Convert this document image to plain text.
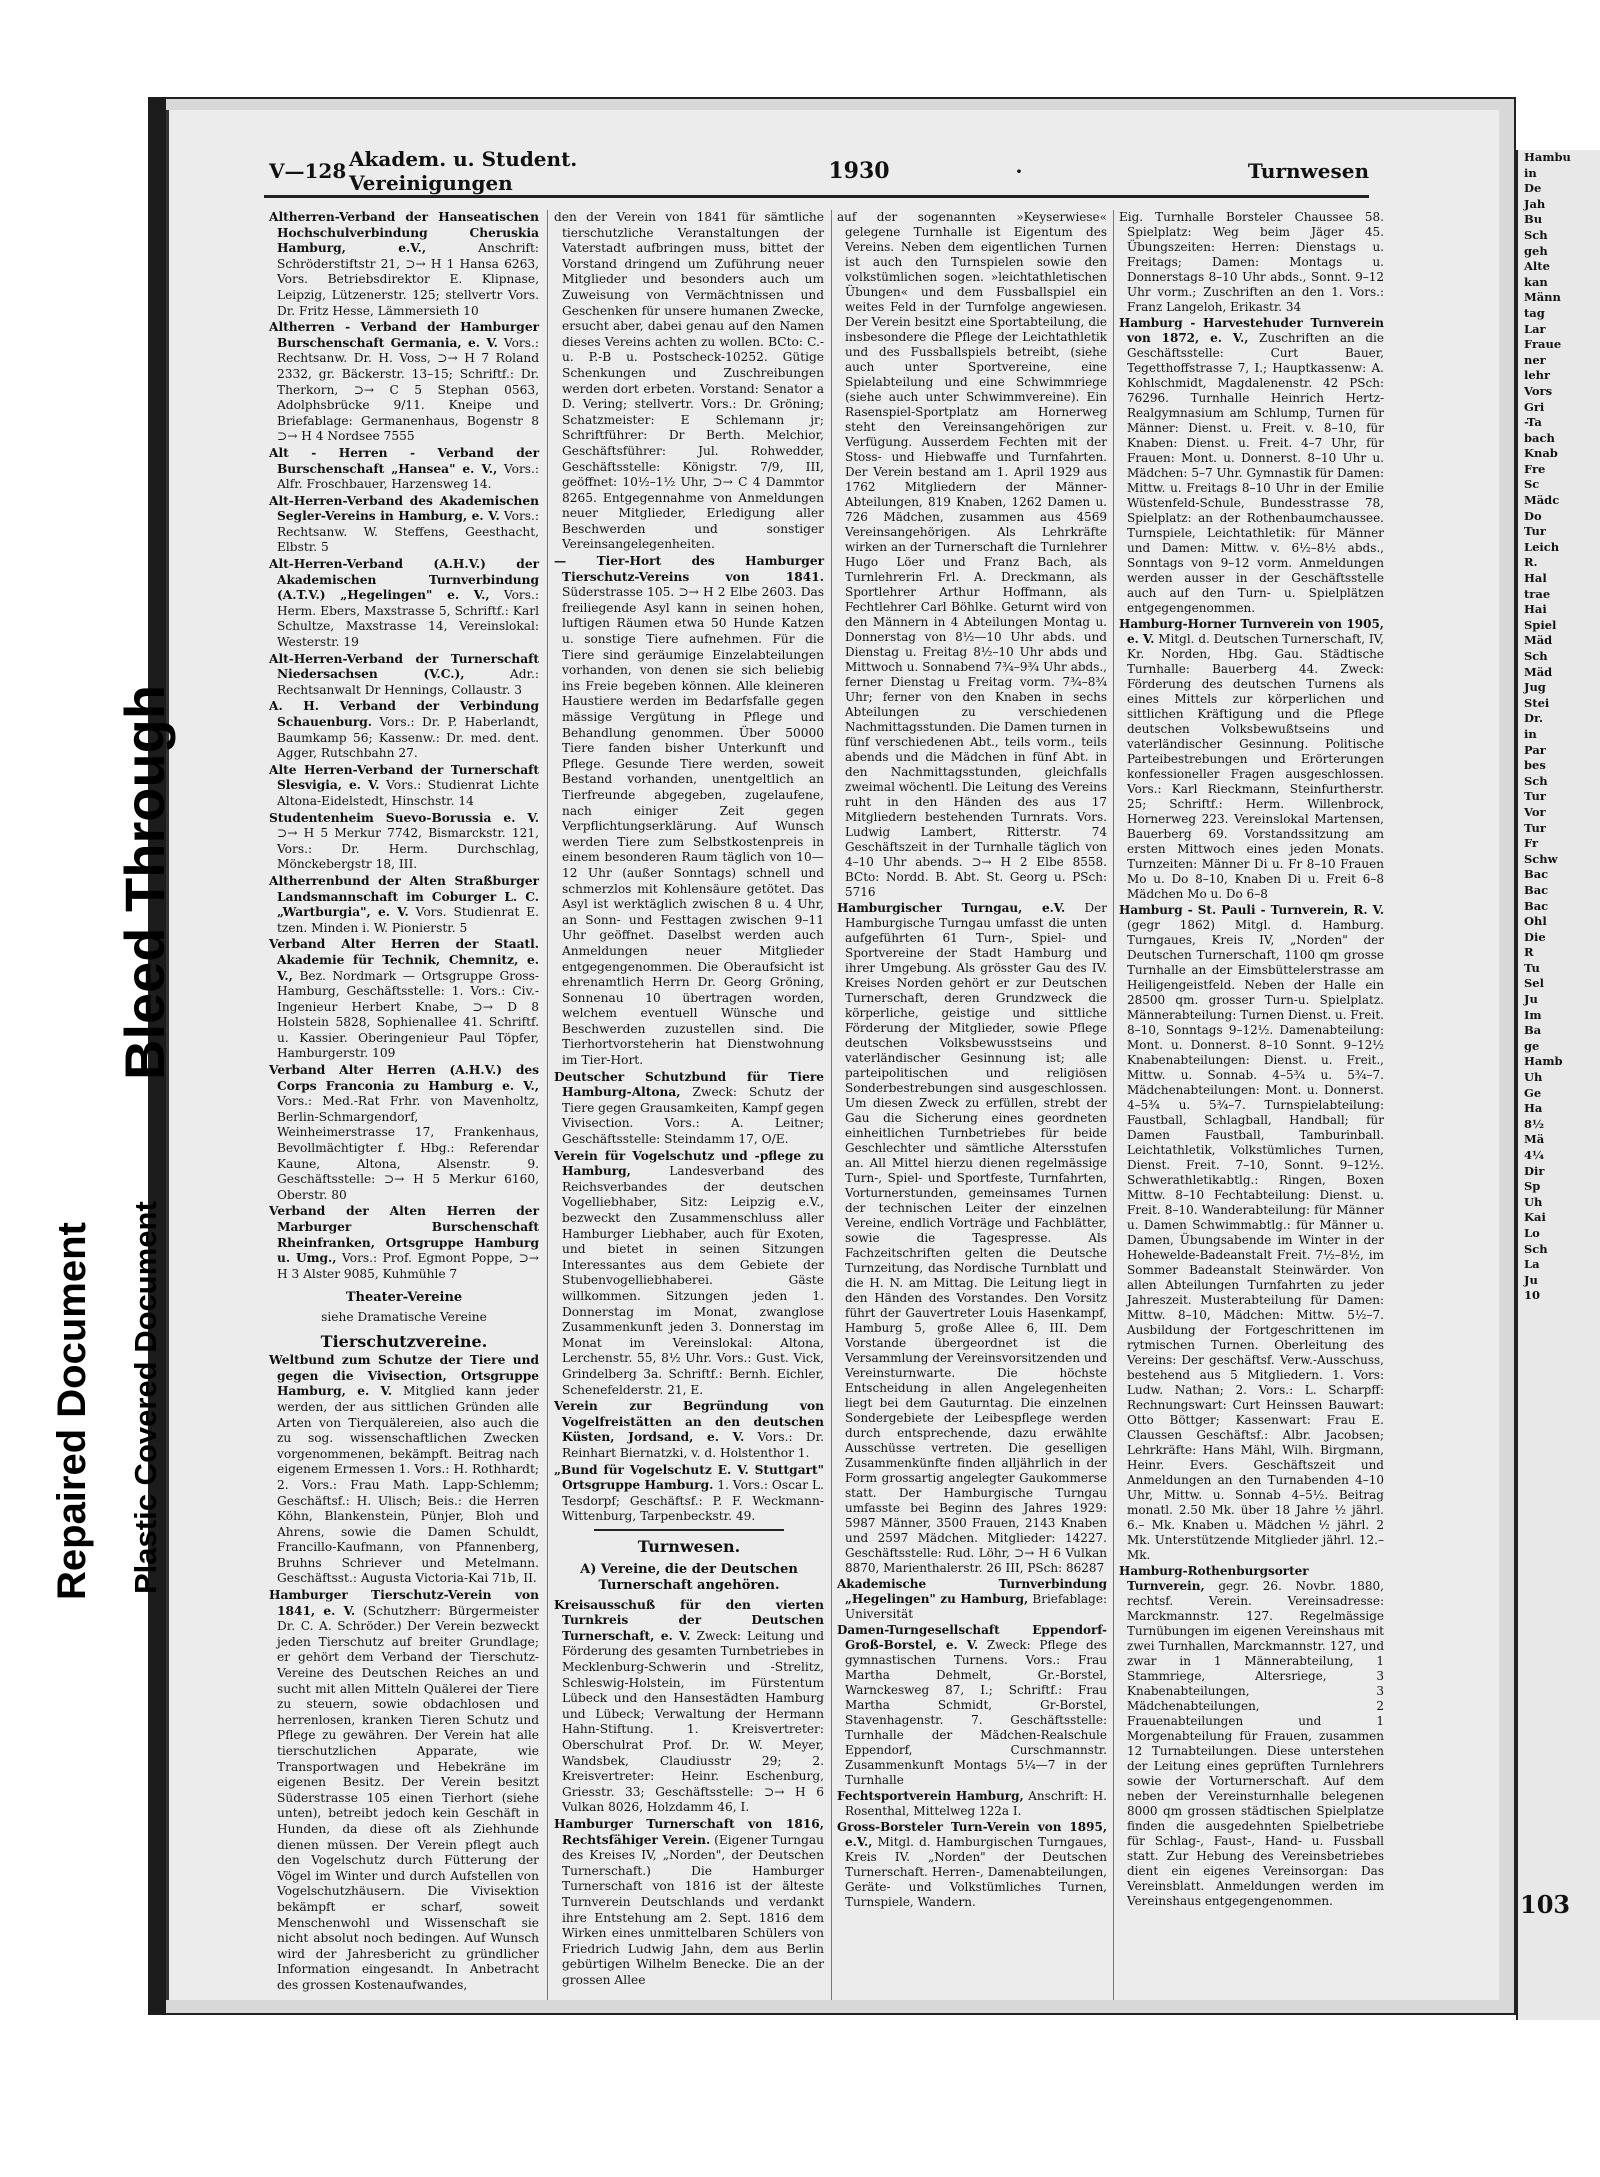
V—128 Akadem. u. Student. Vereinigungen	1930	·	Turnwesen

Altherren-Verband der Hanseatischen Hochschulverbindung Cheruskia Hamburg, e.V.,	Anschrift: Schröderstiftstr 21, ⊃→ H 1 Hansa 6263, Vors. Betriebsdirektor E. Klipnase, Leipzig, Lützenerstr. 125; stellvertr Vors. Dr. Fritz Hesse, Lämmersieth 10

Altherren - Verband der Hamburger Burschenschaft Germania, e. V. Vors.: Rechtsanw. Dr. H. Voss, ⊃→ H 7 Roland 2332, gr. Bäckerstr. 13–15; Schriftf.: Dr. Therkorn, ⊃→ C 5 Stephan 0563, Adolphsbrücke 9/11. Kneipe und Briefablage: Germanenhaus, Bogenstr 8 ⊃→ H 4 Nordsee 7555

Alt - Herren - Verband der Burschenschaft „Hansea" e. V., Vors.: Alfr. Froschbauer, Harzensweg 14.

Alt-Herren-Verband des Akademischen Segler-Vereins in Hamburg, e. V. Vors.: Rechtsanw. W. Steffens, Geesthacht, Elbstr. 5

Alt-Herren-Verband (A.H.V.) der Akademischen Turnverbindung (A.T.V.) „Hegelingen" e. V., Vors.: Herm. Ebers, Maxstrasse 5, Schriftf.: Karl Schultze, Maxstrasse 14, Vereinslokal: Westerstr. 19

Alt-Herren-Verband der Turnerschaft Niedersachsen (V.C.),	Adr.: Rechtsanwalt Dr Hennings, Collaustr. 3

A. H. Verband der Verbindung Schauenburg. Vors.: Dr. P. Haberlandt, Baumkamp 56; Kassenw.: Dr. med. dent. Agger, Rutschbahn 27.

Alte Herren-Verband der Turnerschaft Slesvigia, e. V. Vors.: Studienrat Lichte Altona-Eidelstedt, Hinschstr. 14

Studentenheim Suevo-Borussia e. V. ⊃→ H 5 Merkur 7742, Bismarckstr. 121, Vors.: Dr. Herm. Durchschlag, Mönckebergstr 18, III.

Altherrenbund der Alten Straßburger Landsmannschaft im Coburger L. C. „Wartburgia", e. V. Vors. Studienrat E. tzen. Minden i. W. Pionierstr. 5

Verband Alter Herren der Staatl. Akademie für Technik, Chemnitz, e. V., Bez. Nordmark — Ortsgruppe Gross-Hamburg, Geschäftsstelle: 1. Vors.: Civ.-Ingenieur Herbert Knabe, ⊃→ D 8 Holstein 5828, Sophienallee 41. Schriftf. u. Kassier. Oberingenieur Paul Töpfer, Hamburgerstr. 109

Verband Alter Herren (A.H.V.) des Corps Franconia zu Hamburg e. V., Vors.: Med.-Rat Frhr. von Mavenholtz, Berlin-Schmargendorf, Weinheimerstrasse 17, Frankenhaus, Bevollmächtigter f. Hbg.: Referendar Kaune, Altona, Alsenstr. 9. Geschäftsstelle: ⊃→ H 5 Merkur 6160, Oberstr. 80

Verband der Alten Herren der Marburger Burschenschaft Rheinfranken, Ortsgruppe Hamburg u. Umg., Vors.: Prof. Egmont Poppe, ⊃→ H 3 Alster 9085, Kuhmühle 7

Theater-Vereine
siehe Dramatische Vereine
Tierschutzvereine.

Weltbund zum Schutze der Tiere und gegen die Vivisection, Ortsgruppe Hamburg, e. V. Mitglied kann jeder werden, der aus sittlichen Gründen alle Arten von Tierquälereien, also auch die zu sog. wissenschaftlichen Zwecken vorgenommenen, bekämpft. Beitrag nach eigenem Ermessen 1. Vors.: H. Rothhardt; 2. Vors.: Frau Math. Lapp-Schlemm; Geschäftsf.: H. Ulisch; Beis.: die Herren Köhn, Blankenstein, Pünjer, Bloh und Ahrens, sowie die Damen Schuldt, Francillo-Kaufmann, von Pfannenberg, Bruhns Schriever und Metelmann. Geschäftsst.: Augusta Victoria-Kai 71b, II.

Hamburger Tierschutz-Verein von 1841, e. V. (Schutzherr: Bürgermeister Dr. C. A. Schröder.) Der Verein bezweckt jeden Tierschutz auf breiter Grundlage; er gehört dem Verband der Tierschutz-Vereine des Deutschen Reiches an und sucht mit allen Mitteln Quälerei der Tiere zu steuern, sowie obdachlosen und herrenlosen, kranken Tieren Schutz und Pflege zu gewähren. Der Verein hat alle tierschutzlichen Apparate, wie Transportwagen und Hebekräne im eigenen Besitz. Der Verein besitzt Süderstrasse 105 einen Tierhort (siehe unten), betreibt jedoch kein Geschäft in Hunden, da diese oft als Ziehhunde dienen müssen. Der Verein pflegt auch den Vogelschutz durch Fütterung der Vögel im Winter und durch Aufstellen von Vogelschutzhäusern. Die Vivisektion bekämpft er scharf, soweit Menschenwohl und Wissenschaft sie nicht absolut noch bedingen. Auf Wunsch wird der Jahresbericht zu gründlicher Information eingesandt. In Anbetracht des grossen Kostenaufwandes,

den der Verein von 1841 für sämtliche tierschutzliche Veranstaltungen der Vaterstadt aufbringen muss, bittet der Vorstand dringend um Zuführung neuer Mitglieder und besonders auch um Zuweisung von Vermächtnissen und Geschenken für unsere humanen Zwecke, ersucht aber, dabei genau auf den Namen dieses Vereins achten zu wollen. BCto: C.-u. P.-B u. Postscheck-10252. Gütige Schenkungen und Zuschreibungen werden dort erbeten. Vorstand: Senator a D. Vering; stellvertr. Vors.: Dr. Gröning; Schatzmeister: E Schlemann jr; Schriftführer: Dr Berth. Melchior, Geschäftsführer: Jul. Rohwedder, Geschäftsstelle: Königstr. 7/9, III, geöffnet: 10½–1½ Uhr, ⊃→ C 4 Dammtor 8265. Entgegennahme von Anmeldungen neuer Mitglieder, Erledigung aller Beschwerden und sonstiger Vereinsangelegenheiten.

— Tier-Hort des Hamburger Tierschutz-Vereins von 1841. Süderstrasse 105. ⊃→ H 2 Elbe 2603. Das freiliegende Asyl kann in seinen hohen, luftigen Räumen etwa 50 Hunde Katzen u. sonstige Tiere aufnehmen. Für die Tiere sind geräumige Einzelabteilungen vorhanden, von denen sie sich beliebig ins Freie begeben können. Alle kleineren Haustiere werden im Bedarfsfalle gegen mässige Vergütung in Pflege und Behandlung genommen. Über 50000 Tiere fanden bisher Unterkunft und Pflege. Gesunde Tiere werden, soweit Bestand vorhanden, unentgeltlich an Tierfreunde abgegeben, zugelaufene, nach einiger Zeit gegen Verpflichtungserklärung. Auf Wunsch werden Tiere zum Selbstkostenpreis in einem besonderen Raum täglich von 10—12 Uhr (außer Sonntags) schnell und schmerzlos mit Kohlensäure getötet. Das Asyl ist werktäglich zwischen 8 u. 4 Uhr, an Sonn- und Festtagen zwischen 9–11 Uhr geöffnet. Daselbst werden auch Anmeldungen neuer Mitglieder entgegengenommen. Die Oberaufsicht ist ehrenamtlich Herrn Dr. Georg Gröning, Sonnenau 10 übertragen worden, welchem eventuell Wünsche und Beschwerden zuzustellen sind. Die Tierhortvorsteherin hat Dienstwohnung im Tier-Hort.

Deutscher Schutzbund für Tiere Hamburg-Altona, Zweck: Schutz der Tiere gegen Grausamkeiten, Kampf gegen Vivisection. Vors.: A. Leitner; Geschäftsstelle: Steindamm 17, O/E.

Verein für Vogelschutz und -pflege zu Hamburg,	Landesverband des Reichsverbandes der deutschen Vogelliebhaber, Sitz: Leipzig e.V., bezweckt den Zusammenschluss aller Hamburger Liebhaber, auch für Exoten, und bietet in seinen Sitzungen Interessantes aus dem Gebiete der Stubenvogelliebhaberei. Gäste willkommen. Sitzungen jeden 1. Donnerstag im Monat, zwanglose Zusammenkunft jeden 3. Donnerstag im Monat im Vereinslokal: Altona, Lerchenstr. 55, 8½ Uhr. Vors.: Gust. Vick, Grindelberg 3a. Schriftf.: Bernh. Eichler, Schenefelderstr. 21, E.

Verein zur Begründung von Vogelfreistätten an den deutschen Küsten, Jordsand, e. V. Vors.: Dr. Reinhart Biernatzki, v. d. Holstenthor 1.

„Bund für Vogelschutz E. V. Stuttgart" Ortsgruppe Hamburg. 1. Vors.: Oscar L. Tesdorpf; Geschäftsf.: P. F. Weckmann-Wittenburg, Tarpenbeckstr. 49.

Turnwesen.
A) Vereine, die der Deutschen Turnerschaft angehören.

Kreisausschuß für den vierten Turnkreis der Deutschen Turnerschaft, e. V. Zweck: Leitung und Förderung des gesamten Turnbetriebes in Mecklenburg-Schwerin und -Strelitz, Schleswig-Holstein, im Fürstentum Lübeck und den Hansestädten Hamburg und Lübeck; Verwaltung der Hermann Hahn-Stiftung. 1. Kreisvertreter: Oberschulrat Prof. Dr. W. Meyer, Wandsbek, Claudiusstr 29; 2. Kreisvertreter: Heinr. Eschenburg, Griesstr. 33; Geschäftsstelle: ⊃→ H 6 Vulkan 8026, Holzdamm 46, I.

Hamburger Turnerschaft von 1816, Rechtsfähiger Verein. (Eigener Turngau des Kreises IV, „Norden", der Deutschen Turnerschaft.) Die Hamburger Turnerschaft von 1816 ist der älteste Turnverein Deutschlands und verdankt ihre Entstehung am 2. Sept. 1816 dem Wirken eines unmittelbaren Schülers von Friedrich Ludwig Jahn, dem aus Berlin gebürtigen Wilhelm Benecke. Die an der grossen Allee

auf der sogenannten »Keyserwiese« gelegene Turnhalle ist Eigentum des Vereins. Neben dem eigentlichen Turnen ist auch den Turnspielen sowie den volkstümlichen sogen. »leichtathletischen Übungen« und dem Fussballspiel ein weites Feld in der Turnfolge angewiesen. Der Verein besitzt eine Sportabteilung, die insbesondere die Pflege der Leichtathletik und des Fussballspiels betreibt, (siehe auch unter Sportvereine, eine Spielabteilung und eine Schwimmriege (siehe auch unter Schwimmvereine). Ein Rasenspiel-Sportplatz am Hornerweg steht den Vereinsangehörigen zur Verfügung. Ausserdem Fechten mit der Stoss- und Hiebwaffe und Turnfahrten. Der Verein bestand am 1. April 1929 aus 1762 Mitgliedern der Männer-Abteilungen, 819 Knaben, 1262 Damen u. 726 Mädchen, zusammen aus 4569 Vereinsangehörigen. Als Lehrkräfte wirken an der Turnerschaft die Turnlehrer Hugo Löer und Franz Bach, als Turnlehrerin Frl. A. Dreckmann, als Sportlehrer Arthur Hoffmann, als Fechtlehrer Carl Böhlke. Geturnt wird von den Männern in 4 Abteilungen Montag u. Donnerstag von 8½—10 Uhr abds. und Dienstag u. Freitag 8½–10 Uhr abds und Mittwoch u. Sonnabend 7¾–9¾ Uhr abds., ferner Dienstag u Freitag vorm. 7¾–8¾ Uhr; ferner von den Knaben in sechs Abteilungen zu verschiedenen Nachmittagsstunden. Die Damen turnen in fünf verschiedenen Abt., teils vorm., teils abends und die Mädchen in fünf Abt. in den Nachmittagsstunden, gleichfalls zweimal wöchentl. Die Leitung des Vereins ruht in den Händen des aus 17 Mitgliedern bestehenden Turnrats. Vors. Ludwig Lambert, Ritterstr. 74 Geschäftszeit in der Turnhalle täglich von 4–10 Uhr abends. ⊃→ H 2 Elbe 8558. BCto: Nordd. B. Abt. St. Georg u. PSch: 5716

Hamburgischer Turngau, e.V. Der Hamburgische Turngau umfasst die unten aufgeführten 61 Turn-, Spiel- und Sportvereine der Stadt Hamburg und ihrer Umgebung. Als grösster Gau des IV. Kreises Norden gehört er zur Deutschen Turnerschaft, deren Grundzweck die körperliche, geistige und sittliche Förderung der Mitglieder, sowie Pflege deutschen Volksbewusstseins und vaterländischer Gesinnung ist; alle parteipolitischen und religiösen Sonderbestrebungen sind ausgeschlossen. Um diesen Zweck zu erfüllen, strebt der Gau die Sicherung eines geordneten einheitlichen Turnbetriebes für beide Geschlechter und sämtliche Altersstufen an. All Mittel hierzu dienen regelmässige Turn-, Spiel- und Sportfeste, Turnfahrten, Vorturnerstunden, gemeinsames Turnen der technischen Leiter der einzelnen Vereine, endlich Vorträge und Fachblätter, sowie die Tagespresse. Als Fachzeitschriften gelten die Deutsche Turnzeitung, das Nordische Turnblatt und die H. N. am Mittag. Die Leitung liegt in den Händen des Vorstandes. Den Vorsitz führt der Gauvertreter Louis Hasenkampf, Hamburg 5, große Allee 6, III. Dem Vorstande übergeordnet ist die Versammlung der Vereinsvorsitzenden und Vereinsturnwarte. Die höchste Entscheidung in allen Angelegenheiten liegt bei dem Gauturntag. Die einzelnen Sondergebiete der Leibespflege werden durch entsprechende, dazu erwählte Ausschüsse vertreten. Die geselligen Zusammenkünfte finden alljährlich in der Form grossartig angelegter Gaukommerse statt. Der Hamburgische Turngau umfasste bei Beginn des Jahres 1929: 5987 Männer, 3500 Frauen, 2143 Knaben und 2597 Mädchen. Mitglieder: 14227. Geschäftsstelle: Rud. Löhr, ⊃→ H 6 Vulkan 8870, Marienthalerstr. 26 III, PSch: 86287

Akademische Turnverbindung „Hegelingen" zu Hamburg, Briefablage: Universität

Damen-Turngesellschaft Eppendorf-Groß-Borstel, e. V. Zweck: Pflege des gymnastischen Turnens. Vors.: Frau Martha Dehmelt, Gr.-Borstel, Warnckesweg 87, I.; Schriftf.: Frau Martha Schmidt, Gr-Borstel, Stavenhagenstr. 7. Geschäftsstelle: Turnhalle der Mädchen-Realschule Eppendorf, Curschmannstr. Zusammenkunft Montags 5¼—7 in der Turnhalle

Fechtsportverein Hamburg, Anschrift: H. Rosenthal, Mittelweg 122a I.

Gross-Borsteler Turn-Verein von 1895, e.V., Mitgl. d. Hamburgischen Turngaues, Kreis IV. „Norden" der Deutschen Turnerschaft. Herren-, Damenabteilungen, Geräte- und Volkstümliches Turnen, Turnspiele, Wandern.

Eig. Turnhalle Borsteler Chaussee 58. Spielplatz: Weg beim Jäger 45. Übungszeiten: Herren: Dienstags u. Freitags; Damen: Montags u. Donnerstags 8–10 Uhr abds., Sonnt. 9–12 Uhr vorm.; Zuschriften an den 1. Vors.: Franz Langeloh, Erikastr. 34

Hamburg - Harvestehuder Turnverein von 1872, e. V., Zuschriften an die Geschäftsstelle: Curt Bauer, Tegetthoffstrasse 7, I.; Hauptkassenw: A. Kohlschmidt, Magdalenenstr. 42 PSch: 76296. Turnhalle Heinrich Hertz-Realgymnasium am Schlump, Turnen für Männer: Dienst. u. Freit. v. 8–10, für Knaben: Dienst. u. Freit. 4–7 Uhr, für Frauen: Mont. u. Donnerst. 8–10 Uhr u. Mädchen: 5–7 Uhr. Gymnastik für Damen: Mittw. u. Freitags 8–10 Uhr in der Emilie Wüstenfeld-Schule, Bundesstrasse 78, Spielplatz: an der Rothenbaumchaussee. Turnspiele, Leichtathletik: für Männer und Damen: Mittw. v. 6½–8½ abds., Sonntags von 9–12 vorm. Anmeldungen werden ausser in der Geschäftsstelle auch auf den Turn- u. Spielplätzen entgegengenommen.

Hamburg-Horner Turnverein von 1905, e. V. Mitgl. d. Deutschen Turnerschaft, IV, Kr. Norden, Hbg. Gau. Städtische Turnhalle: Bauerberg 44. Zweck: Förderung des deutschen Turnens als eines Mittels zur körperlichen und sittlichen Kräftigung und die Pflege deutschen Volksbewußtseins und vaterländischer Gesinnung. Politische Parteibestrebungen und Erörterungen konfessioneller Fragen ausgeschlossen. Vors.: Karl Rieckmann, Steinfurtherstr. 25; Schriftf.: Herm. Willenbrock, Hornerweg 223. Vereinslokal Martensen, Bauerberg 69. Vorstandssitzung am ersten Mittwoch eines jeden Monats. Turnzeiten: Männer Di u. Fr 8–10 Frauen Mo u. Do 8–10, Knaben Di u. Freit 6–8 Mädchen Mo u. Do 6–8

Hamburg - St. Pauli - Turnverein, R. V. (gegr 1862) Mitgl. d. Hamburg. Turngaues, Kreis IV, „Norden" der Deutschen Turnerschaft, 1100 qm grosse Turnhalle an der Eimsbüttelerstrasse am Heiligengeistfeld. Neben der Halle ein 28500 qm. grosser Turn-u. Spielplatz. Männerabteilung: Turnen Dienst. u. Freit. 8–10, Sonntags 9–12½. Damenabteilung: Mont. u. Donnerst. 8–10 Sonnt. 9–12½ Knabenabteilungen: Dienst. u. Freit., Mittw. u. Sonnab. 4–5¾ u. 5¾–7. Mädchenabteilungen: Mont. u. Donnerst. 4–5¾ u. 5¾–7. Turnspielabteilung: Faustball, Schlagball, Handball; für Damen Faustball, Tamburinball. Leichtathletik, Volkstümliches Turnen, Dienst. Freit. 7–10, Sonnt. 9–12½. Schwerathletikabtlg.: Ringen, Boxen Mittw. 8–10 Fechtabteilung: Dienst. u. Freit. 8–10. Wanderabteilung: für Männer u. Damen Schwimmabtlg.: für Männer u. Damen, Übungsabende im Winter in der Hohewelde-Badeanstalt Freit. 7½–8½, im Sommer Badeanstalt Steinwärder. Von allen Abteilungen Turnfahrten zu jeder Jahreszeit. Musterabteilung für Damen: Mittw. 8–10, Mädchen: Mittw. 5½–7. Ausbildung der Fortgeschrittenen im rytmischen Turnen. Oberleitung des Vereins: Der geschäftsf. Verw.-Ausschuss, bestehend aus 5 Mitgliedern. 1. Vors: Ludw. Nathan; 2. Vors.: L. Scharpff: Rechnungswart: Curt Heinssen Bauwart: Otto Böttger; Kassenwart: Frau E. Claussen Geschäftsf.: Albr. Jacobsen; Lehrkräfte: Hans Mähl, Wilh. Birgmann, Heinr. Evers. Geschäftszeit und Anmeldungen an den Turnabenden 4–10 Uhr, Mittw. u. Sonnab 4–5½. Beitrag monatl. 2.50 Mk. über 18 Jahre ½ jährl. 6.– Mk. Knaben u. Mädchen ½ jährl. 2 Mk. Unterstützende Mitglieder jährl. 12.– Mk.

Hamburg-Rothenburgsorter Turnverein, gegr. 26. Novbr. 1880, rechtsf. Verein. Vereinsadresse: Marckmannstr. 127. Regelmässige Turnübungen im eigenen Vereinshaus mit zwei Turnhallen, Marckmannstr. 127, und zwar in 1 Männerabteilung, 1 Stammriege, Altersriege, 3 Knabenabteilungen, 3 Mädchenabteilungen, 2 Frauenabteilungen und 1 Morgenabteilung für Frauen, zusammen 12 Turnabteilungen. Diese unterstehen der Leitung eines geprüften Turnlehrers sowie der Vorturnerschaft. Auf dem neben der Vereinsturnhalle belegenen 8000 qm grossen städtischen Spielplatze finden die ausgedehnten Spielbetriebe für Schlag-, Faust-, Hand- u. Fussball statt. Zur Hebung des Vereinsbetriebes dient ein eigenes Vereinsorgan: Das Vereinsblatt. Anmeldungen werden im Vereinshaus entgegengenommen.

Hambu
in
De
Jah
Bu
Sch
geh
Alte
kan
Männ
tag
Lar
Fraue
ner
lehr
Vors
Gri
-Ta
bach
Knab
Fre
Sc
Mädc
Do
Tur
Leich
R.
Hal
trae
Hai
Spiel
Mäd
Sch
Mäd
Jug
Stei
Dr.
in
Par
bes
Sch
Tur
Vor
Tur
Fr
Schw
Bac
Bac
Bac
Ohl
Die
R
Tu
Sel
Ju
Im
Ba
ge
Hamb
Uh
Ge
Ha
8½
Mä
4¼
Dir
Sp
Uh
Kai
Lo
Sch
La
Ju
10
103
Bleed Through
Repaired Document Plastic Covered Document
